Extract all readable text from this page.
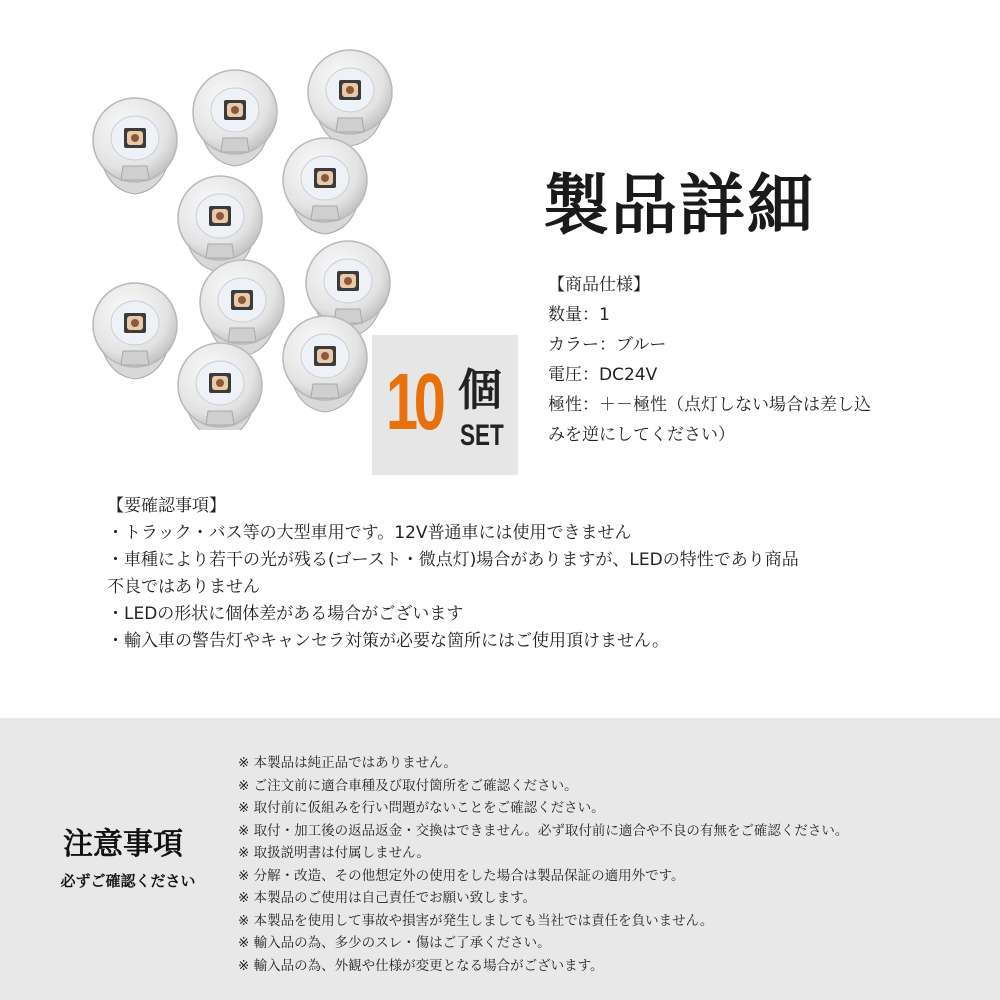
10 個
SET
製品詳細
【商品仕様】
数量：1
カラー：ブルー
電圧：DC24V
極性：＋－極性（点灯しない場合は差し込
みを逆にしてください）
【要確認事項】
・トラック・バス等の大型車用です。12V普通車には使用できません
・車種により若干の光が残る(ゴースト・微点灯)場合がありますが、LEDの特性であり商品
不良ではありません
・LEDの形状に個体差がある場合がございます
・輸入車の警告灯やキャンセラ対策が必要な箇所にはご使用頂けません。
注意事項
必ずご確認ください
※ 本製品は純正品ではありません。
※ ご注文前に適合車種及び取付箇所をご確認ください。
※ 取付前に仮組みを行い問題がないことをご確認ください。
※ 取付・加工後の返品返金・交換はできません。必ず取付前に適合や不良の有無をご確認ください。
※ 取扱説明書は付属しません。
※ 分解・改造、その他想定外の使用をした場合は製品保証の適用外です。
※ 本製品のご使用は自己責任でお願い致します。
※ 本製品を使用して事故や損害が発生しましても当社では責任を負いません。
※ 輸入品の為、多少のスレ・傷はご了承ください。
※ 輸入品の為、外観や仕様が変更となる場合がございます。
